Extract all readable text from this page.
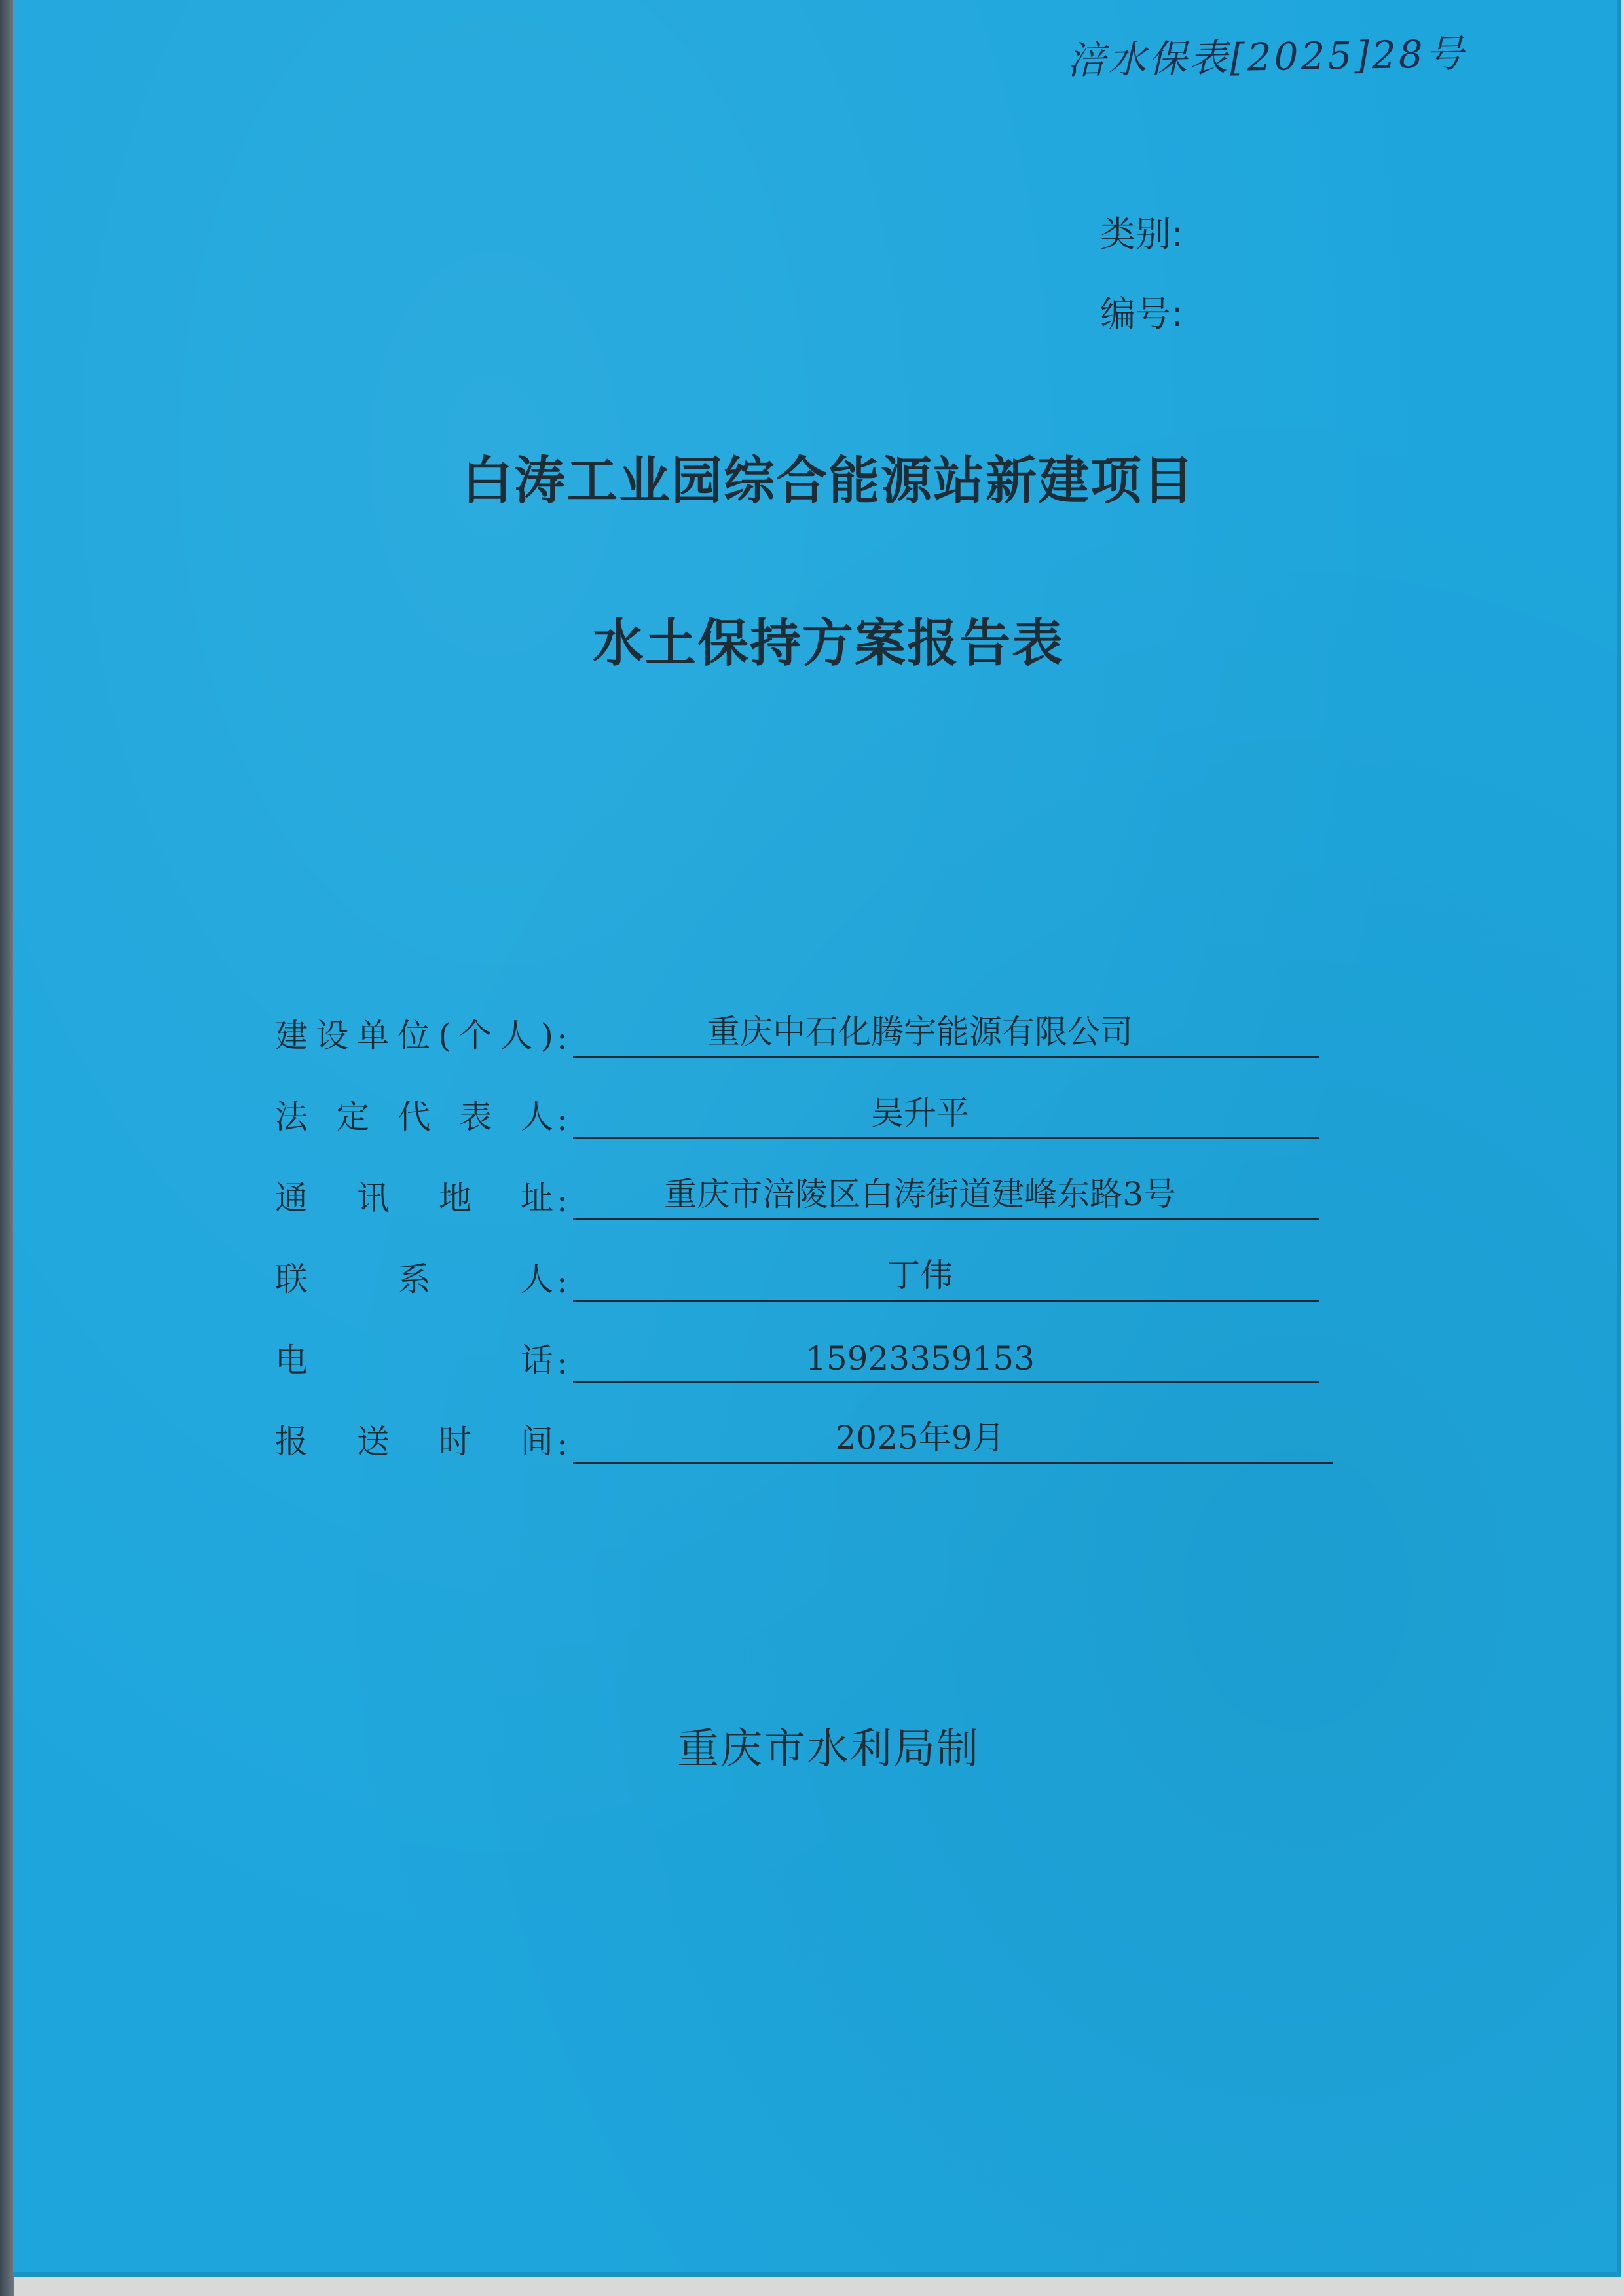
涪水保表[2025]28号
类别:
编号:
白涛工业园综合能源站新建项目
水土保持方案报告表
建设单位(个人) :	重庆中石化腾宇能源有限公司
法定代表人 :	吴升平
通讯地址 :	重庆市涪陵区白涛街道建峰东路3号
联系人 :	丁伟
电话 :	15923359153
报送时间 :	2025年9月
重庆市水利局制
